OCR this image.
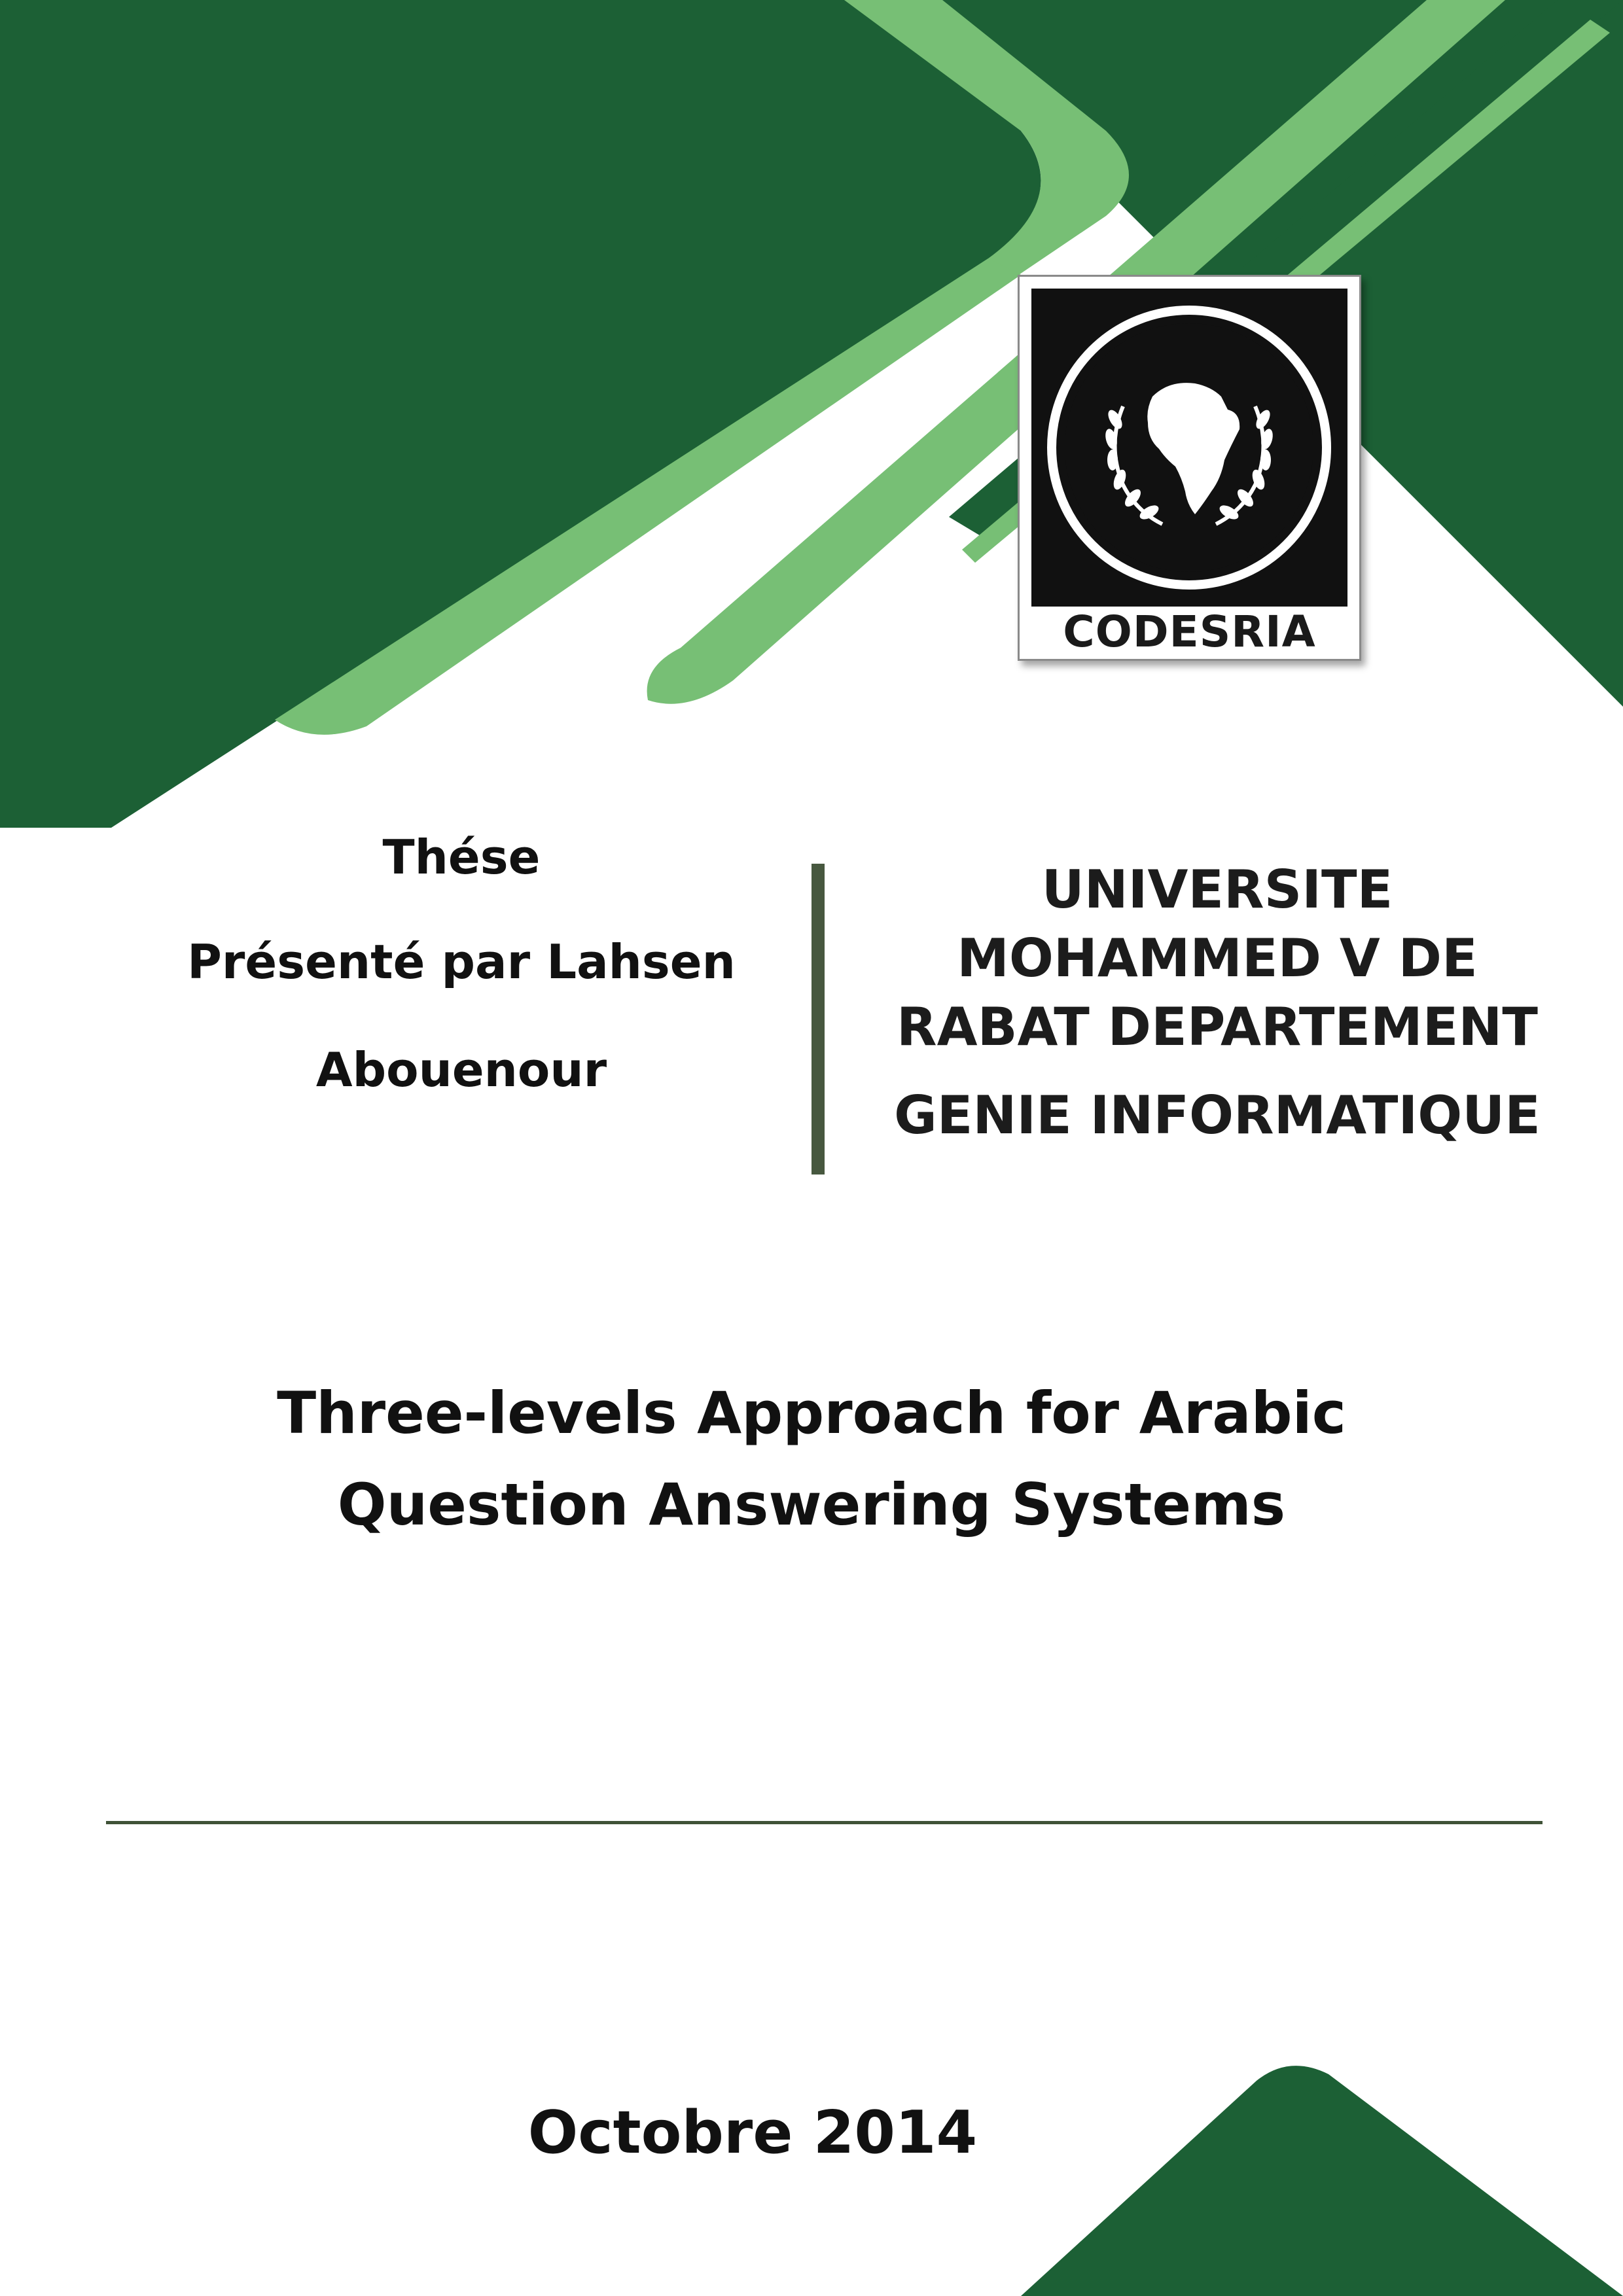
CODESRIA
Thése
Présenté par Lahsen
Abouenour
UNIVERSITE
MOHAMMED V DE
RABAT DEPARTEMENT
GENIE INFORMATIQUE
Three-levels Approach for Arabic
Question Answering Systems
Octobre 2014
